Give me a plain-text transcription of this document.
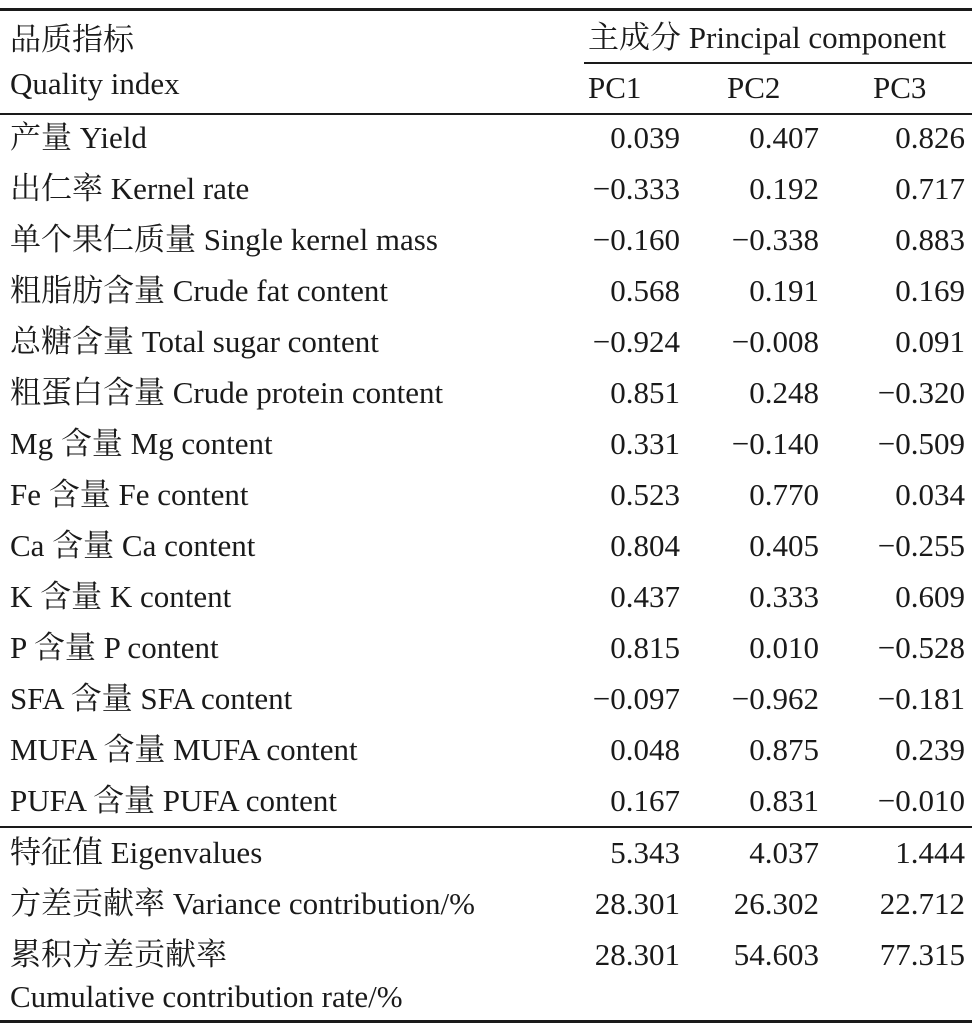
品质指标
Quality index
主成分 Principal component
PC1	PC2	PC3
产量 Yield	0.039	0.407	0.826
出仁率 Kernel rate	−0.333	0.192	0.717
单个果仁质量 Single kernel mass	−0.160	−0.338	0.883
粗脂肪含量 Crude fat content	0.568	0.191	0.169
总糖含量 Total sugar content	−0.924	−0.008	0.091
粗蛋白含量 Crude protein content	0.851	0.248	−0.320
Mg 含量 Mg content	0.331	−0.140	−0.509
Fe 含量 Fe content	0.523	0.770	0.034
Ca 含量 Ca content	0.804	0.405	−0.255
K 含量 K content	0.437	0.333	0.609
P 含量 P content	0.815	0.010	−0.528
SFA 含量 SFA content	−0.097	−0.962	−0.181
MUFA 含量 MUFA content	0.048	0.875	0.239
PUFA 含量 PUFA content	0.167	0.831	−0.010
特征值 Eigenvalues	5.343	4.037	1.444
方差贡献率 Variance contribution/%	28.301	26.302	22.712
累积方差贡献率
Cumulative contribution rate/%
28.301	54.603	77.315
